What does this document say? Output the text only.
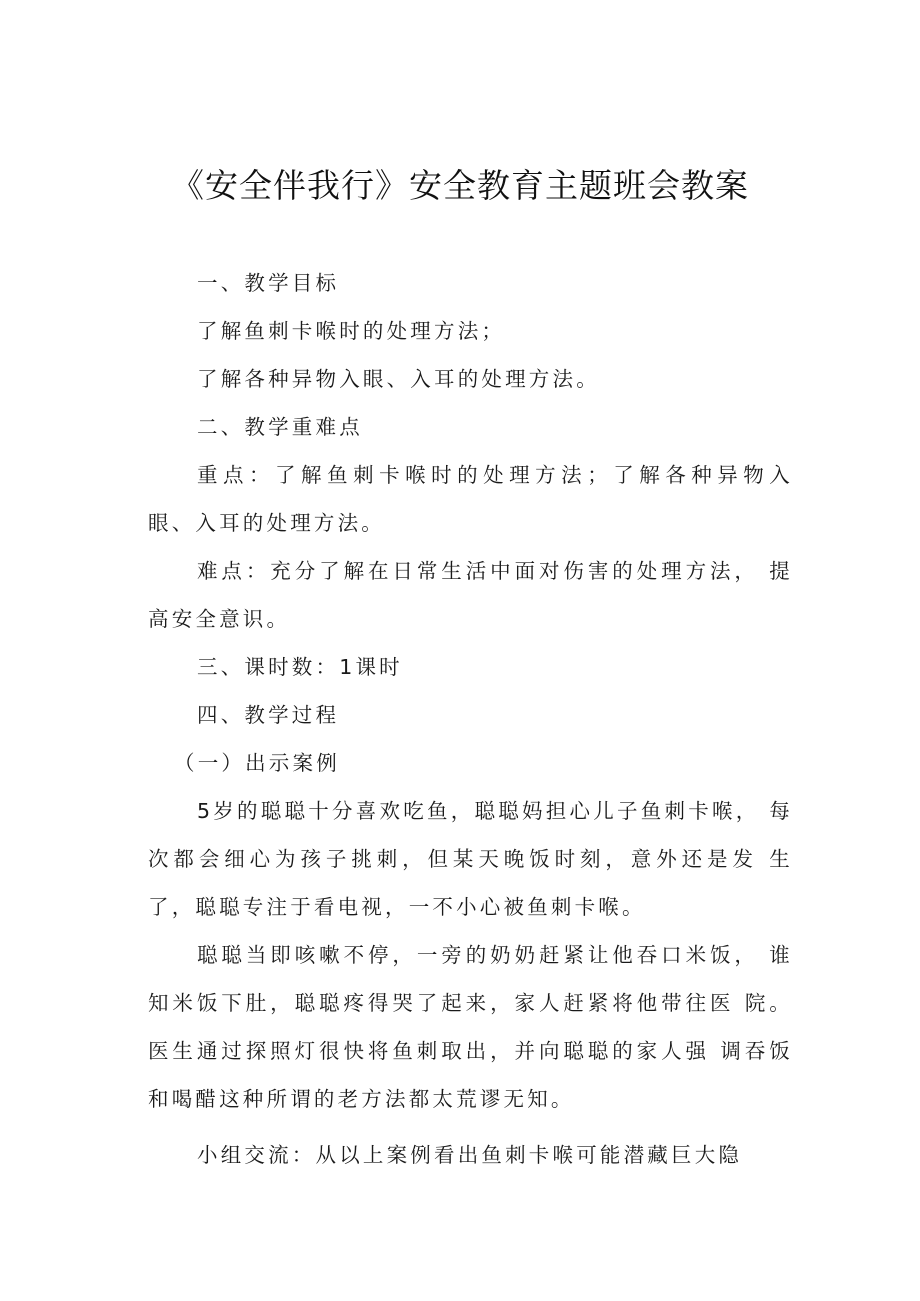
《安全伴我行》安全教育主题班会教案
一、教学目标
了解鱼刺卡喉时的处理方法；
了解各种异物入眼、入耳的处理方法。
二、教学重难点
重点：了解鱼刺卡喉时的处理方法；了解各种异物入 眼、入耳的处理方法。
难点：充分了解在日常生活中面对伤害的处理方法， 提高安全意识。
三、课时数：1课时
四、教学过程
（一）出示案例
5岁的聪聪十分喜欢吃鱼，聪聪妈担心儿子鱼刺卡喉， 每次都会细心为孩子挑刺，但某天晚饭时刻，意外还是发 生了，聪聪专注于看电视，一不小心被鱼刺卡喉。
聪聪当即咳嗽不停，一旁的奶奶赶紧让他吞口米饭， 谁知米饭下肚，聪聪疼得哭了起来，家人赶紧将他带往医 院。医生通过探照灯很快将鱼刺取出，并向聪聪的家人强 调吞饭和喝醋这种所谓的老方法都太荒谬无知。
小组交流：从以上案例看出鱼刺卡喉可能潜藏巨大隐
